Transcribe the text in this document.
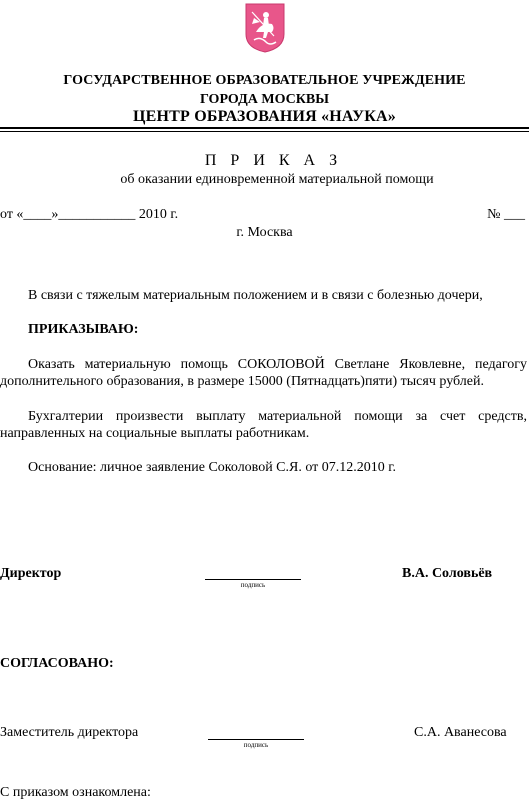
ГОСУДАРСТВЕННОЕ ОБРАЗОВАТЕЛЬНОЕ УЧРЕЖДЕНИЕ
ГОРОДА МОСКВЫ
ЦЕНТР ОБРАЗОВАНИЯ «НАУКА»
П Р И К А З
об оказании единовременной материальной помощи
от «____»___________ 2010 г.	№ ___
г. Москва
В связи с тяжелым материальным положением и в связи с болезнью дочери,
ПРИКАЗЫВАЮ:
Оказать материальную помощь СОКОЛОВОЙ Светлане Яковлевне, педагогу дополнительного образования, в размере 15000 (Пятнадцать)пяти) тысяч рублей.
Бухгалтерии произвести выплату материальной помощи за счет средств, направленных на социальные выплаты работникам.
Основание: личное заявление Соколовой С.Я. от 07.12.2010 г.
Директор
подпись
В.А. Соловьёв
СОГЛАСОВАНО:
Заместитель директора
подпись
С.А. Аванесова
С приказом ознакомлена:
